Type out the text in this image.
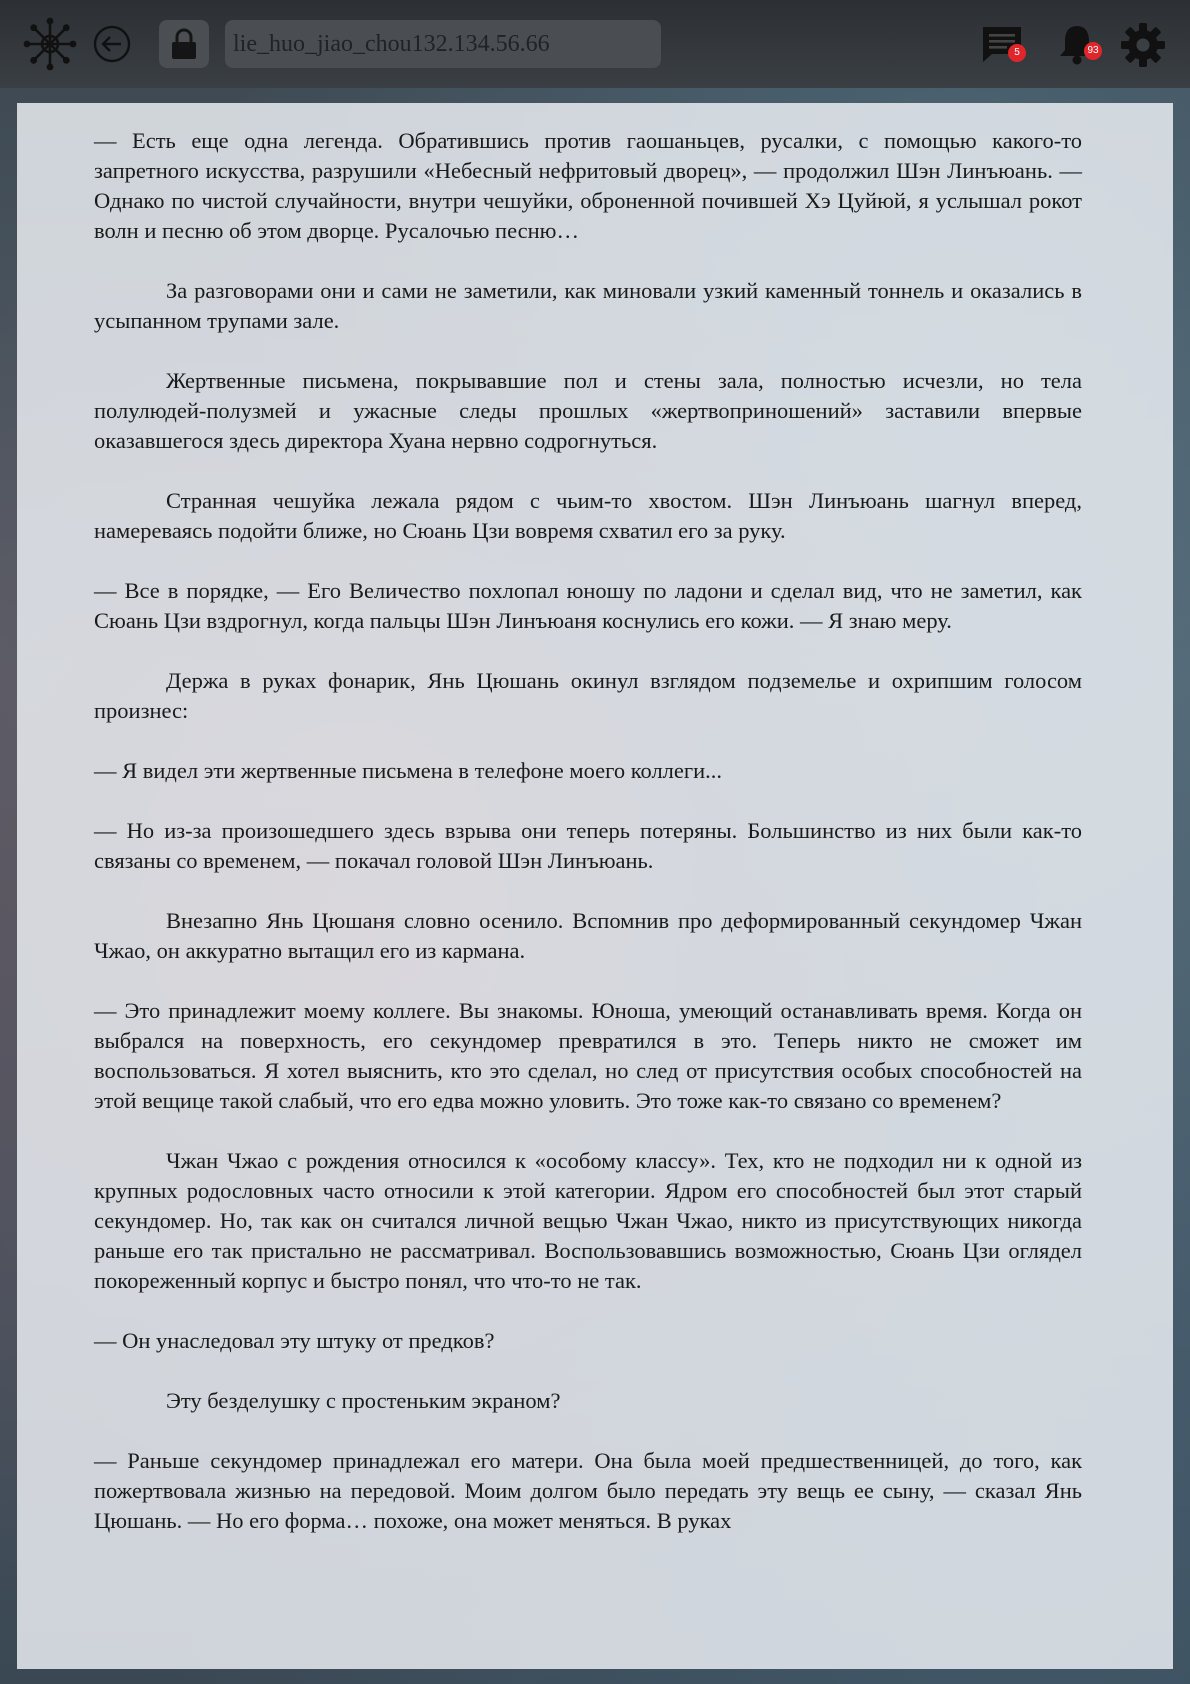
lie_huo_jiao_chou132.134.56.66	5	93

— Есть еще одна легенда. Обратившись против гаошаньцев, русалки, с помощью какого-то запретного искусства, разрушили «Небесный нефритовый дворец», — продолжил Шэн Линъюань. — Однако по чистой случайности, внутри чешуйки, оброненной почившей Хэ Цуйюй, я услышал рокот волн и песню об этом дворце. Русалочью песню…

За разговорами они и сами не заметили, как миновали узкий каменный тоннель и оказались в усыпанном трупами зале.

Жертвенные письмена, покрывавшие пол и стены зала, полностью исчезли, но тела полулюдей-полузмей и ужасные следы прошлых «жертвоприношений» заставили впервые оказавшегося здесь директора Хуана нервно содрогнуться.

Странная чешуйка лежала рядом с чьим-то хвостом. Шэн Линъюань шагнул вперед, намереваясь подойти ближе, но Сюань Цзи вовремя схватил его за руку.

— Все в порядке, — Его Величество похлопал юношу по ладони и сделал вид, что не заметил, как Сюань Цзи вздрогнул, когда пальцы Шэн Линъюаня коснулись его кожи. — Я знаю меру.

Держа в руках фонарик, Янь Цюшань окинул взглядом подземелье и охрипшим голосом произнес:

— Я видел эти жертвенные письмена в телефоне моего коллеги...

— Но из-за произошедшего здесь взрыва они теперь потеряны. Большинство из них были как-то связаны со временем, — покачал головой Шэн Линъюань.

Внезапно Янь Цюшаня словно осенило. Вспомнив про деформированный секундомер Чжан Чжао, он аккуратно вытащил его из кармана.

— Это принадлежит моему коллеге. Вы знакомы. Юноша, умеющий останавливать время. Когда он выбрался на поверхность, его секундомер превратился в это. Теперь никто не сможет им воспользоваться. Я хотел выяснить, кто это сделал, но след от присутствия особых способностей на этой вещице такой слабый, что его едва можно уловить. Это тоже как-то связано со временем?

Чжан Чжао с рождения относился к «особому классу». Тех, кто не подходил ни к одной из крупных родословных часто относили к этой категории. Ядром его способностей был этот старый секундомер. Но, так как он считался личной вещью Чжан Чжао, никто из присутствующих никогда раньше его так пристально не рассматривал. Воспользовавшись возможностью, Сюань Цзи оглядел покореженный корпус и быстро понял, что что-то не так.

— Он унаследовал эту штуку от предков?

Эту безделушку с простеньким экраном?

— Раньше секундомер принадлежал его матери. Она была моей предшественницей, до того, как пожертвовала жизнью на передовой. Моим долгом было передать эту вещь ее сыну, — сказал Янь Цюшань. — Но его форма… похоже, она может меняться. В руках
